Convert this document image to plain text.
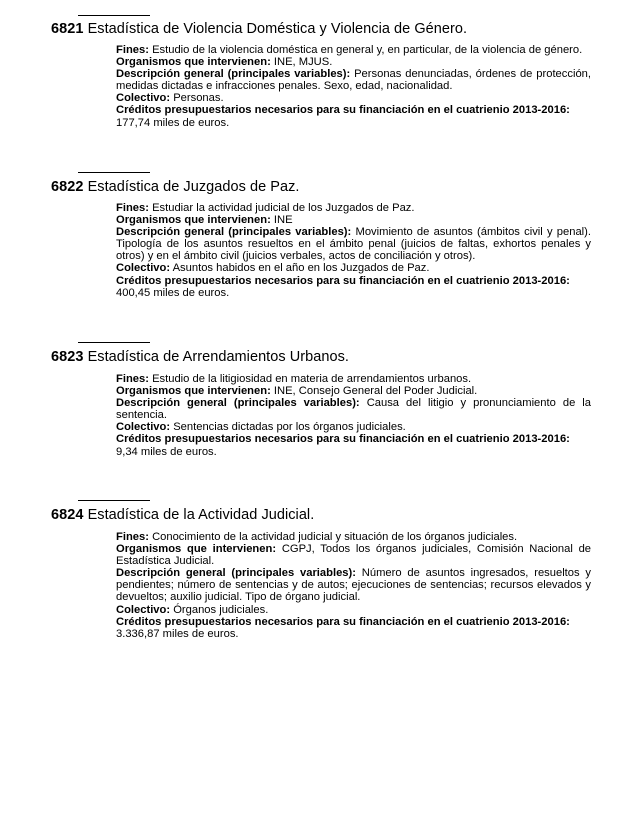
6821 Estadística de Violencia Doméstica y Violencia de Género.

Fines: Estudio de la violencia doméstica en general y, en particular, de la violencia de género.

Organismos que intervienen: INE, MJUS.

Descripción general (principales variables): Personas denunciadas, órdenes de protección, medidas dictadas e infracciones penales. Sexo, edad, nacionalidad.

Colectivo: Personas.

Créditos presupuestarios necesarios para su financiación en el cuatrienio 2013-2016:

177,74 miles de euros.

6822 Estadística de Juzgados de Paz.

Fines: Estudiar la actividad judicial de los Juzgados de Paz.

Organismos que intervienen: INE

Descripción general (principales variables): Movimiento de asuntos (ámbitos civil y penal). Tipología de los asuntos resueltos en el ámbito penal (juicios de faltas, exhortos penales y otros) y en el ámbito civil (juicios verbales, actos de conciliación y otros).

Colectivo: Asuntos habidos en el año en los Juzgados de Paz.

Créditos presupuestarios necesarios para su financiación en el cuatrienio 2013-2016:

400,45 miles de euros.

6823 Estadística de Arrendamientos Urbanos.

Fines: Estudio de la litigiosidad en materia de arrendamientos urbanos.

Organismos que intervienen: INE, Consejo General del Poder Judicial.

Descripción general (principales variables): Causa del litigio y pronunciamiento de la sentencia.

Colectivo: Sentencias dictadas por los órganos judiciales.

Créditos presupuestarios necesarios para su financiación en el cuatrienio 2013-2016:

9,34 miles de euros.

6824 Estadística de la Actividad Judicial.

Fines: Conocimiento de la actividad judicial y situación de los órganos judiciales.

Organismos que intervienen: CGPJ, Todos los órganos judiciales, Comisión Nacional de Estadística Judicial.

Descripción general (principales variables): Número de asuntos ingresados, resueltos y pendientes; número de sentencias y de autos; ejecuciones de sentencias; recursos elevados y devueltos; auxilio judicial. Tipo de órgano judicial.

Colectivo: Órganos judiciales.

Créditos presupuestarios necesarios para su financiación en el cuatrienio 2013-2016:

3.336,87 miles de euros.
